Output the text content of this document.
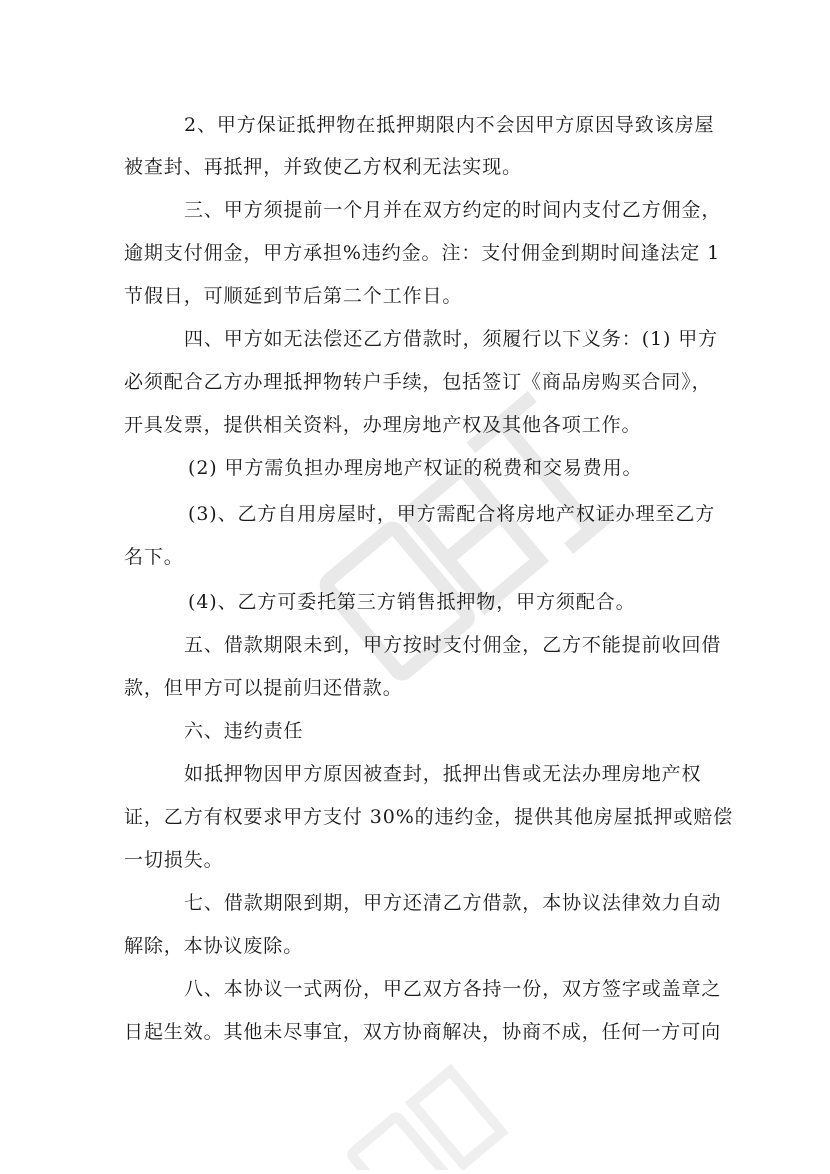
2、甲方保证抵押物在抵押期限内不会因甲方原因导致该房屋
被查封、再抵押，并致使乙方权利无法实现。
三、甲方须提前一个月并在双方约定的时间内支付乙方佣金，
逾期支付佣金，甲方承担%违约金。注：支付佣金到期时间逢法定 1
节假日，可顺延到节后第二个工作日。
四、甲方如无法偿还乙方借款时，须履行以下义务：(1) 甲方
必须配合乙方办理抵押物转户手续，包括签订《商品房购买合同》，
开具发票，提供相关资料，办理房地产权及其他各项工作。
(2) 甲方需负担办理房地产权证的税费和交易费用。
(3)、乙方自用房屋时，甲方需配合将房地产权证办理至乙方
名下。
(4)、乙方可委托第三方销售抵押物，甲方须配合。
五、借款期限未到，甲方按时支付佣金，乙方不能提前收回借
款，但甲方可以提前归还借款。
六、违约责任
如抵押物因甲方原因被查封，抵押出售或无法办理房地产权
证，乙方有权要求甲方支付 30%的违约金，提供其他房屋抵押或赔偿
一切损失。
七、借款期限到期，甲方还清乙方借款，本协议法律效力自动
解除，本协议废除。
八、本协议一式两份，甲乙双方各持一份，双方签字或盖章之
日起生效。其他未尽事宜，双方协商解决，协商不成，任何一方可向
